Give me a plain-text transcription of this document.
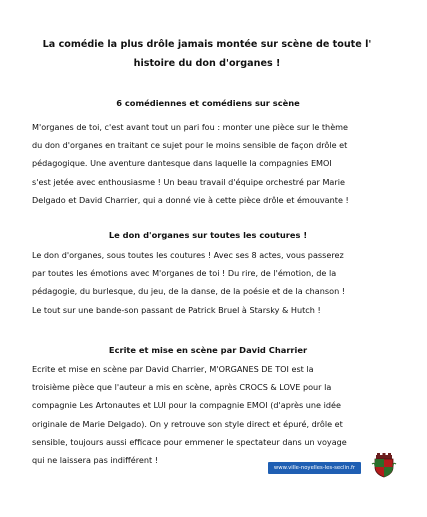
La comédie la plus drôle jamais montée sur scène de toute l'
histoire du don d'organes !
6 comédiennes et comédiens sur scène
M'organes de toi, c'est avant tout un pari fou : monter une pièce sur le thème
du don d'organes en traitant ce sujet pour le moins sensible de façon drôle et
pédagogique. Une aventure dantesque dans laquelle la compagnies EMOI
s'est jetée avec enthousiasme ! Un beau travail d'équipe orchestré par Marie
Delgado et David Charrier, qui a donné vie à cette pièce drôle et émouvante !
Le don d'organes sur toutes les coutures !
Le don d'organes, sous toutes les coutures ! Avec ses 8 actes, vous passerez
par toutes les émotions avec M'organes de toi ! Du rire, de l'émotion, de la
pédagogie, du burlesque, du jeu, de la danse, de la poésie et de la chanson !
Le tout sur une bande-son passant de Patrick Bruel à Starsky & Hutch !
Ecrite et mise en scène par David Charrier
Ecrite et mise en scène par David Charrier, M'ORGANES DE TOI est la
troisième pièce que l'auteur a mis en scène, après CROCS & LOVE pour la
compagnie Les Artonautes et LUI pour la compagnie EMOI (d'après une idée
originale de Marie Delgado). On y retrouve son style direct et épuré, drôle et
sensible, toujours aussi efficace pour emmener le spectateur dans un voyage
qui ne laissera pas indifférent !
www.ville-noyelles-les-seclin.fr
